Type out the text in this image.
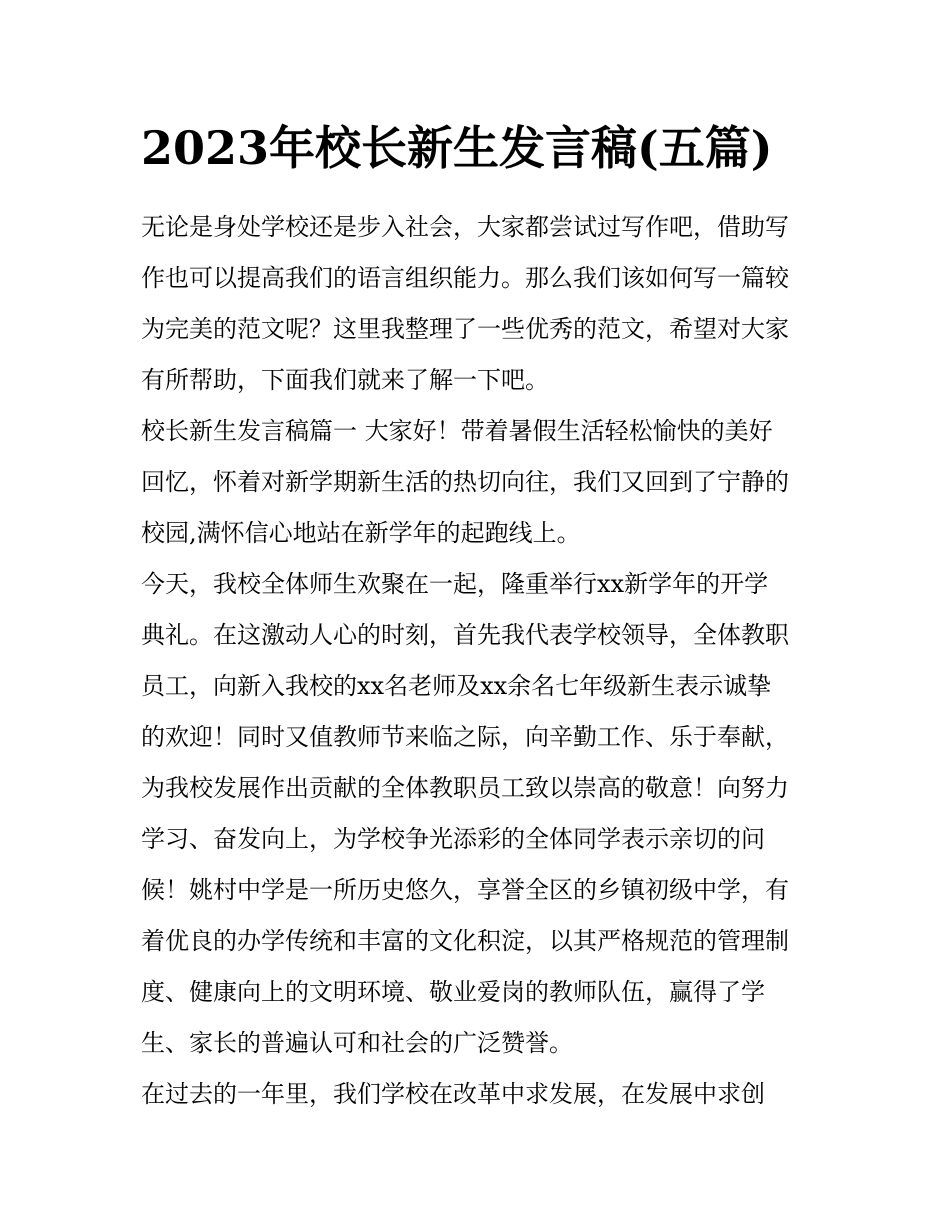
2023年校长新生发言稿(五篇)
无论是身处学校还是步入社会，大家都尝试过写作吧，借助写
作也可以提高我们的语言组织能力。那么我们该如何写一篇较
为完美的范文呢？这里我整理了一些优秀的范文，希望对大家
有所帮助，下面我们就来了解一下吧。
校长新生发言稿篇一 大家好！带着暑假生活轻松愉快的美好
回忆，怀着对新学期新生活的热切向往，我们又回到了宁静的
校园,满怀信心地站在新学年的起跑线上。
今天，我校全体师生欢聚在一起，隆重举行xx新学年的开学
典礼。在这激动人心的时刻，首先我代表学校领导，全体教职
员工，向新入我校的xx名老师及xx余名七年级新生表示诚挚
的欢迎！同时又值教师节来临之际，向辛勤工作、乐于奉献，
为我校发展作出贡献的全体教职员工致以崇高的敬意！向努力
学习、奋发向上，为学校争光添彩的全体同学表示亲切的问
候！姚村中学是一所历史悠久，享誉全区的乡镇初级中学，有
着优良的办学传统和丰富的文化积淀，以其严格规范的管理制
度、健康向上的文明环境、敬业爱岗的教师队伍，赢得了学
生、家长的普遍认可和社会的广泛赞誉。
在过去的一年里，我们学校在改革中求发展，在发展中求创
